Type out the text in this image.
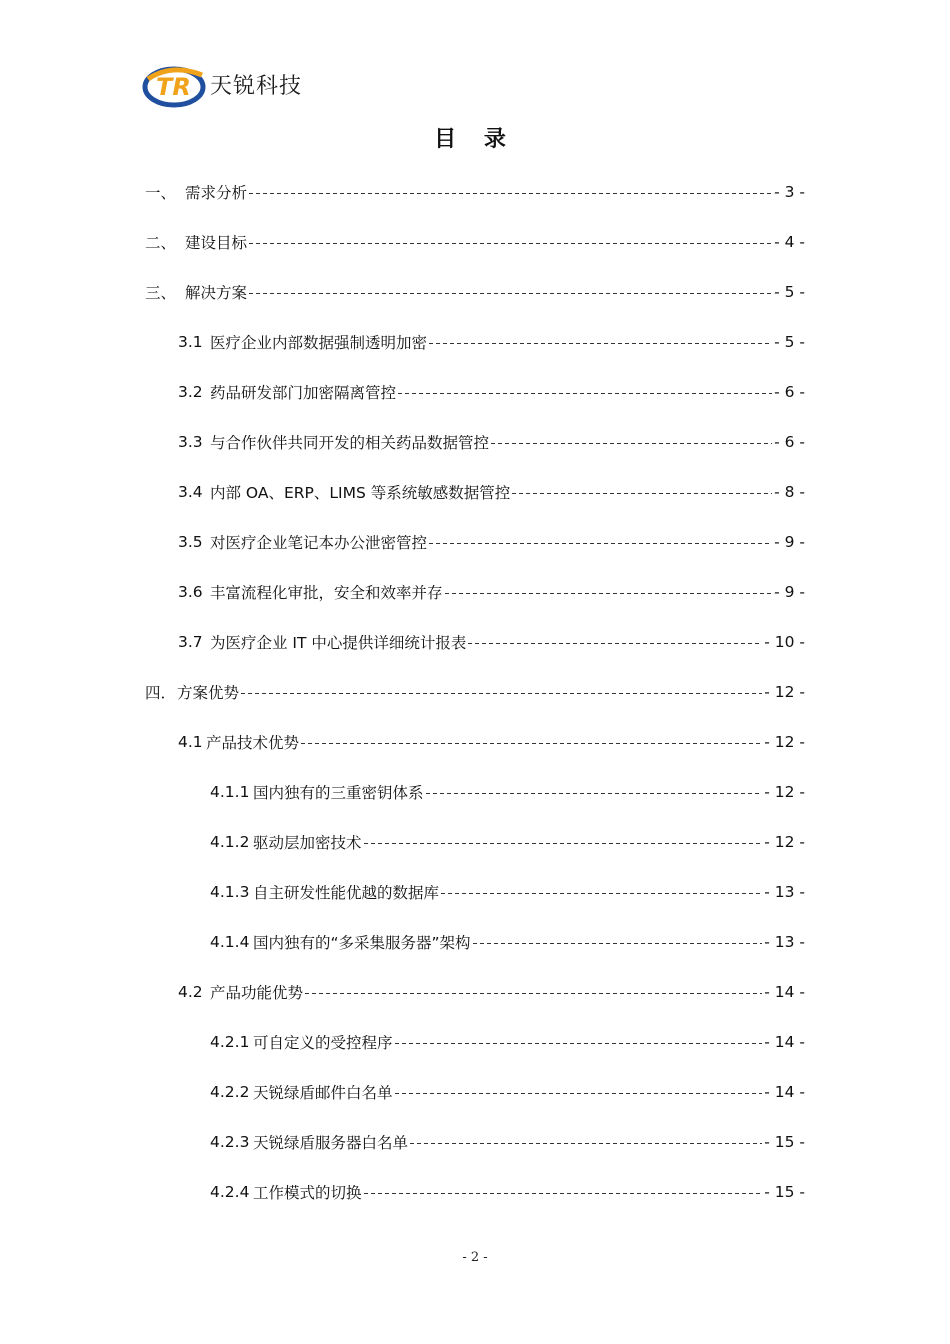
TR 天锐科技
目 录
一、 需求分析	- 3 -
二、 建设目标	- 4 -
三、 解决方案	- 5 -
3.1 医疗企业内部数据强制透明加密	- 5 -
3.2 药品研发部门加密隔离管控	- 6 -
3.3 与合作伙伴共同开发的相关药品数据管控	- 6 -
3.4 内部 OA、ERP、LIMS 等系统敏感数据管控	- 8 -
3.5 对医疗企业笔记本办公泄密管控	- 9 -
3.6 丰富流程化审批，安全和效率并存	- 9 -
3.7 为医疗企业 IT 中心提供详细统计报表	- 10 -
四． 方案优势	- 12 -
4.1 产品技术优势	- 12 -
4.1.1 国内独有的三重密钥体系	- 12 -
4.1.2 驱动层加密技术	- 12 -
4.1.3 自主研发性能优越的数据库	- 13 -
4.1.4 国内独有的“多采集服务器”架构	- 13 -
4.2 产品功能优势	- 14 -
4.2.1 可自定义的受控程序	- 14 -
4.2.2 天锐绿盾邮件白名单	- 14 -
4.2.3 天锐绿盾服务器白名单	- 15 -
4.2.4 工作模式的切换	- 15 -
- 2 -
